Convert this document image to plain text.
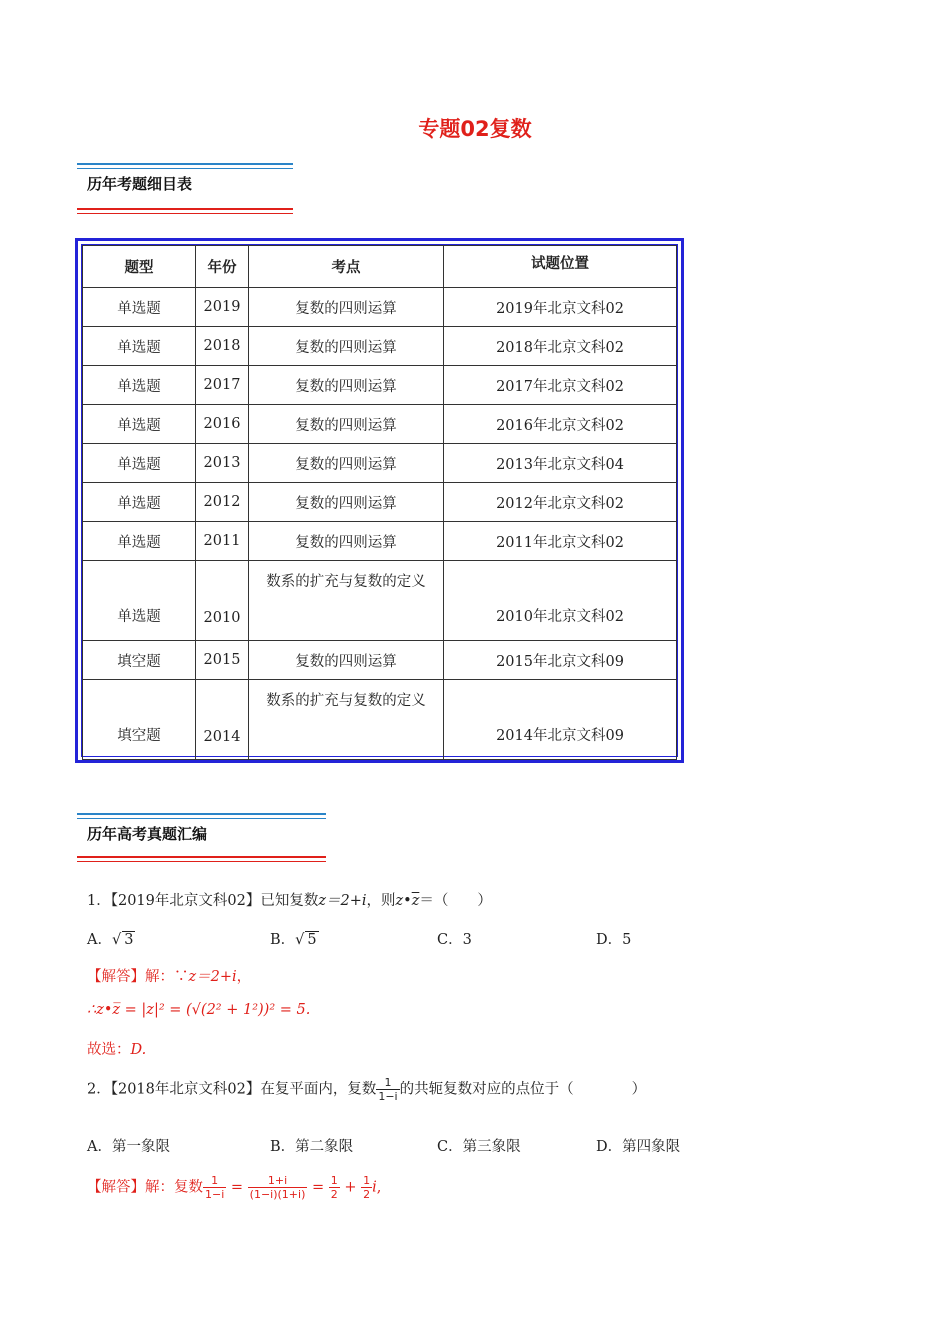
专题02复数
历年考题细目表
题型	年份	考点	试题位置
单选题	2019	复数的四则运算	2019年北京文科02
单选题	2018	复数的四则运算	2018年北京文科02
单选题	2017	复数的四则运算	2017年北京文科02
单选题	2016	复数的四则运算	2016年北京文科02
单选题	2013	复数的四则运算	2013年北京文科04
单选题	2012	复数的四则运算	2012年北京文科02
单选题	2011	复数的四则运算	2011年北京文科02
单选题	2010	数系的扩充与复数的定义	2010年北京文科02
填空题	2015	复数的四则运算	2015年北京文科09
填空题	2014	数系的扩充与复数的定义	2014年北京文科09
历年高考真题汇编
1．【2019年北京文科02】已知复数z＝2+i，则$z•\overline{z}=$（　　）
A．√ 3	B．√ 5	C．3	D．5
【解答】解：∵z＝2+i，
∴z•z̅ = |z|² = (√(2² + 1²))² = 5.
故选：D.
2．【2018年北京文科02】在复平面内，复数 $\frac{1}{1-i}$ 的共轭复数对应的点位于（　　　　）
A．第一象限	B．第二象限	C．第三象限	D．第四象限
【解答】解：复数 $\frac{1}{1-i} = \frac{1+i}{(1-i)(1+i)} = \frac{1}{2} + \frac{1}{2} i$,
